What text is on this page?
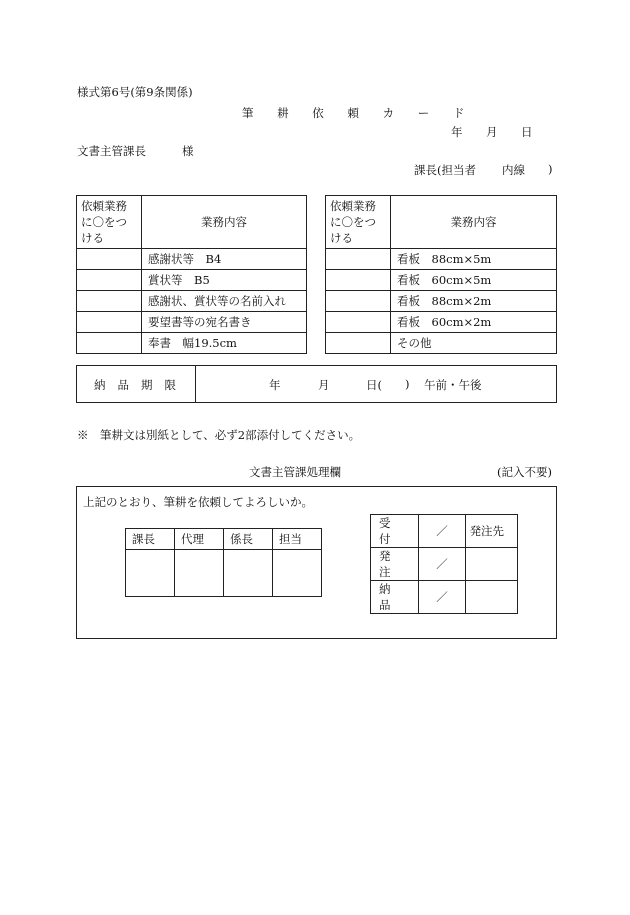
様式第6号(第9条関係)
筆 耕 依 頼 カ ー ド
年 月 日
文書主管課長	様
課長(担当者 内線 )
依頼業務に〇をつける	業務内容
	感謝状等　B4
	賞状等　B5
	感謝状、賞状等の名前入れ
	要望書等の宛名書き
	奉書　幅19.5cm
依頼業務に〇をつける	業務内容
	看板　88cm×5m
	看板　60cm×5m
	看板　88cm×2m
	看板　60cm×2m
	その他
納品期限	年	月	日( ) 午前・午後
※　筆耕文は別紙として、必ず2部添付してください。
文書主管課処理欄	(記入不要)
上記のとおり、筆耕を依頼してよろしいか。
課長	代理	係長	担当

受付	／	発注先
発注	／	
納品	／	
